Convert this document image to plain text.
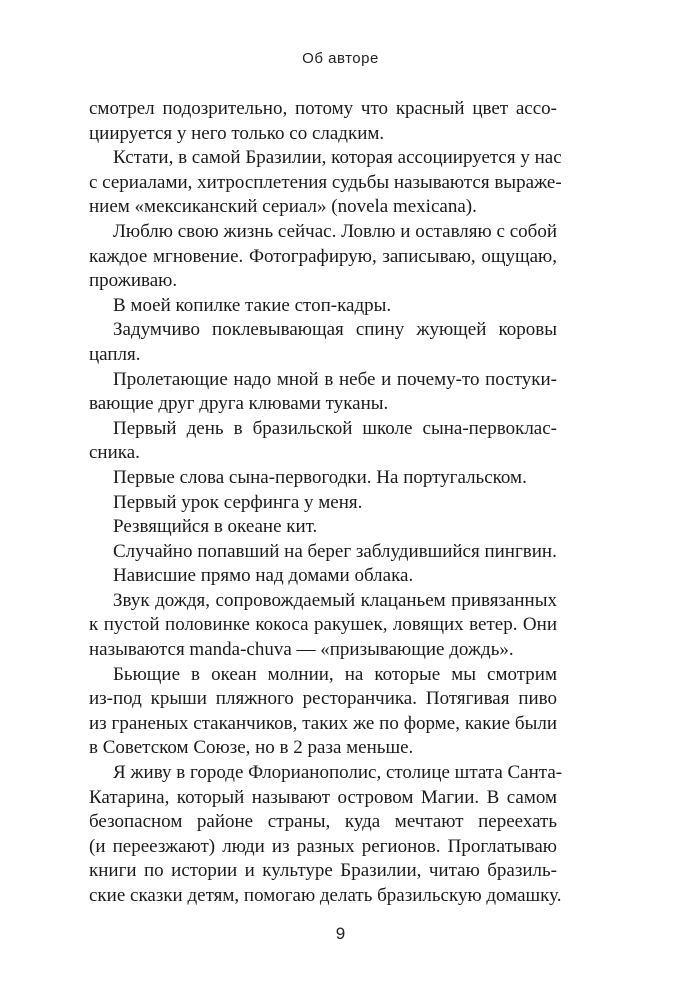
Об авторе
смотрел подозрительно, потому что красный цвет ассо-
циируется у него только со сладким.
Кстати, в самой Бразилии, которая ассоциируется у нас
с сериалами, хитросплетения судьбы называются выраже-
нием «мексиканский сериал» (novela mexicana).
Люблю свою жизнь сейчас. Ловлю и оставляю с собой
каждое мгновение. Фотографирую, записываю, ощущаю,
проживаю.
В моей копилке такие стоп-кадры.
Задумчиво поклевывающая спину жующей коровы
цапля.
Пролетающие надо мной в небе и почему-то постуки-
вающие друг друга клювами туканы.
Первый день в бразильской школе сына-первоклас-
сника.
Первые слова сына-первогодки. На португальском.
Первый урок серфинга у меня.
Резвящийся в океане кит.
Случайно попавший на берег заблудившийся пингвин.
Нависшие прямо над домами облака.
Звук дождя, сопровождаемый клацаньем привязанных
к пустой половинке кокоса ракушек, ловящих ветер. Они
называются manda-chuva — «призывающие дождь».
Бьющие в океан молнии, на которые мы смотрим
из-под крыши пляжного ресторанчика. Потягивая пиво
из граненых стаканчиков, таких же по форме, какие были
в Советском Союзе, но в 2 раза меньше.
Я живу в городе Флорианополис, столице штата Санта-
Катарина, который называют островом Магии. В самом
безопасном районе страны, куда мечтают переехать
(и переезжают) люди из разных регионов. Проглатываю
книги по истории и культуре Бразилии, читаю бразиль-
ские сказки детям, помогаю делать бразильскую домашку.
9
